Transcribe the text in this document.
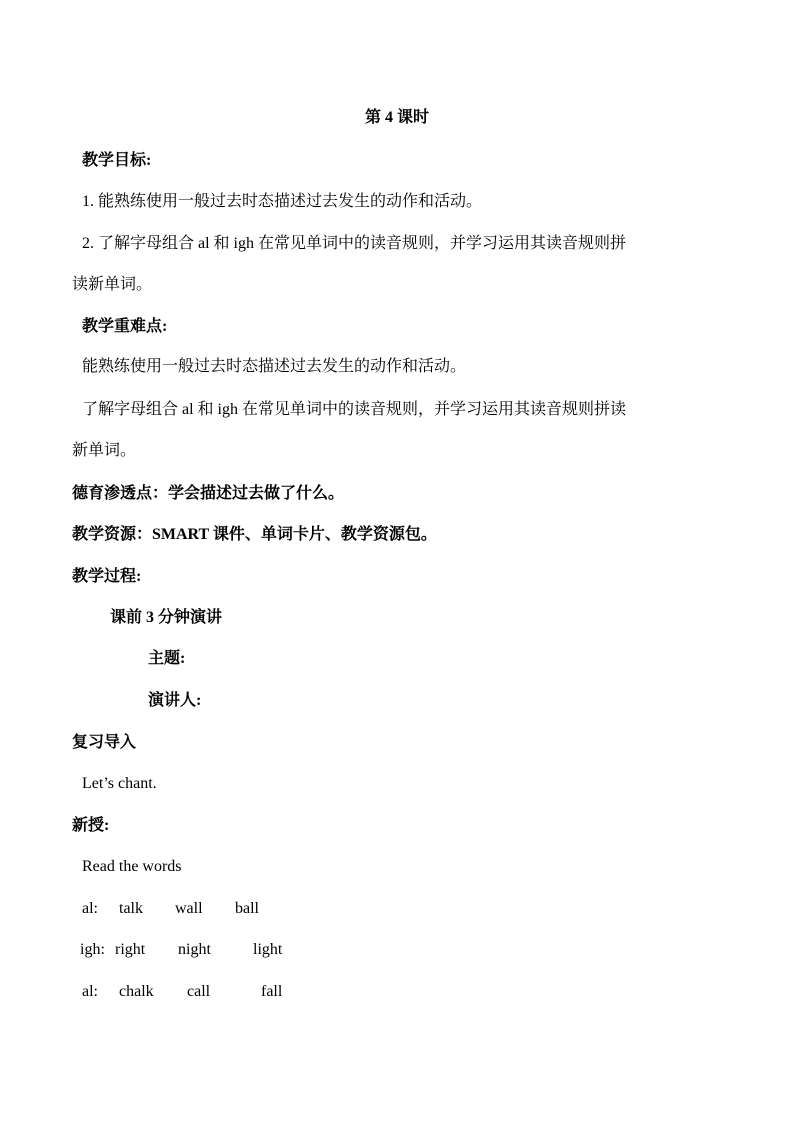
第 4 课时
教学目标:
1. 能熟练使用一般过去时态描述过去发生的动作和活动。
2. 了解字母组合 al 和 igh 在常见单词中的读音规则，并学习运用其读音规则拼
读新单词。
教学重难点:
能熟练使用一般过去时态描述过去发生的动作和活动。
了解字母组合 al 和 igh 在常见单词中的读音规则，并学习运用其读音规则拼读
新单词。
德育渗透点：学会描述过去做了什么。
教学资源：SMART 课件、单词卡片、教学资源包。
教学过程:
课前 3 分钟演讲
主题:
演讲人:
复习导入
Let’s chant.
新授:
Read the words
al: talk wall ball
igh: right night	light
al: chalk call	fall
